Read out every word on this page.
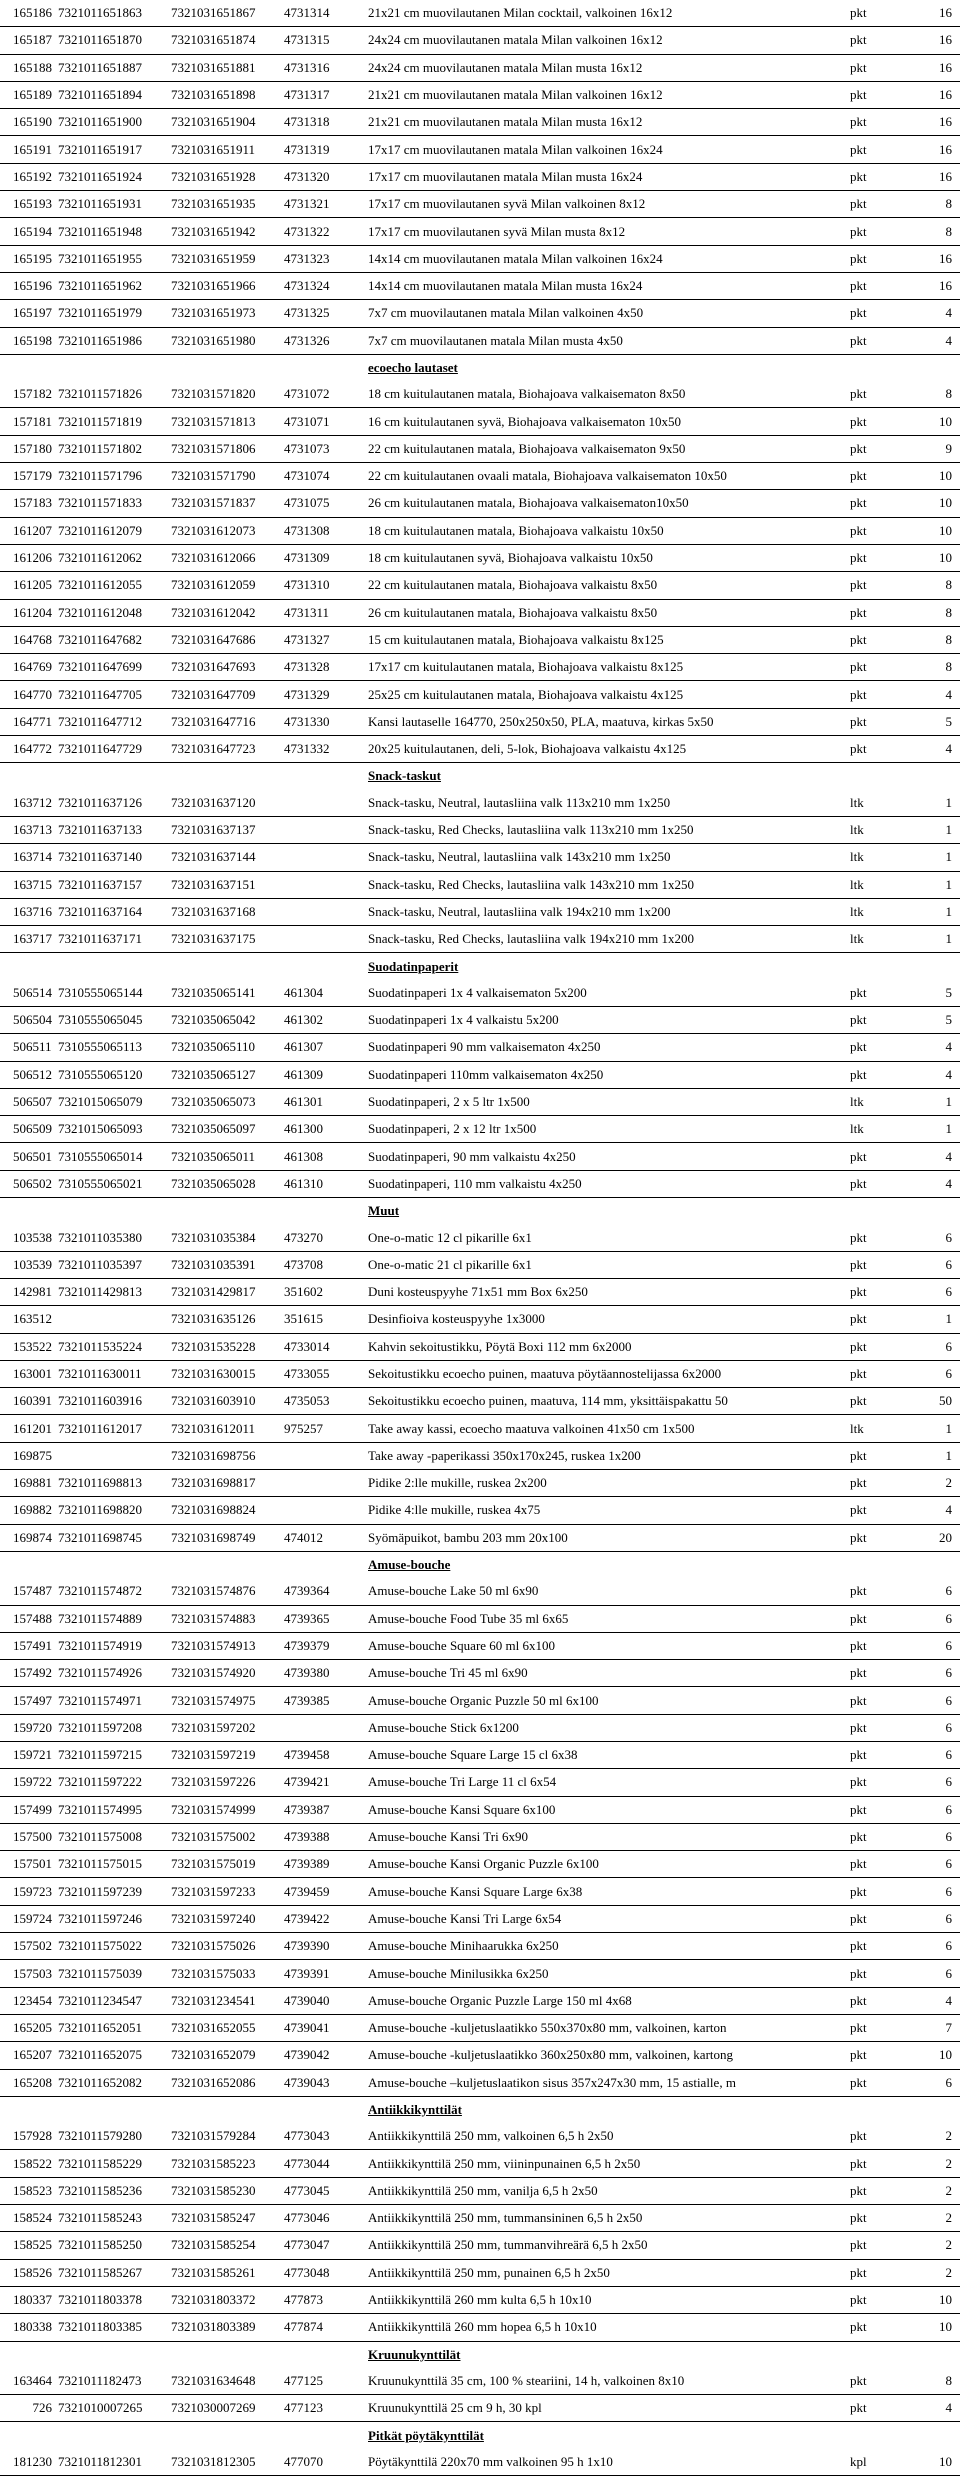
165186	7321011651863	7321031651867	4731314	21x21 cm muovilautanen Milan cocktail, valkoinen 16x12	pkt	16
165187	7321011651870	7321031651874	4731315	24x24 cm muovilautanen matala Milan valkoinen 16x12	pkt	16
165188	7321011651887	7321031651881	4731316	24x24 cm muovilautanen matala Milan musta 16x12	pkt	16
165189	7321011651894	7321031651898	4731317	21x21 cm muovilautanen matala Milan valkoinen 16x12	pkt	16
165190	7321011651900	7321031651904	4731318	21x21 cm muovilautanen matala Milan musta 16x12	pkt	16
165191	7321011651917	7321031651911	4731319	17x17 cm muovilautanen matala Milan valkoinen 16x24	pkt	16
165192	7321011651924	7321031651928	4731320	17x17 cm muovilautanen matala Milan musta 16x24	pkt	16
165193	7321011651931	7321031651935	4731321	17x17 cm muovilautanen syvä Milan valkoinen 8x12	pkt	8
165194	7321011651948	7321031651942	4731322	17x17 cm muovilautanen syvä Milan musta 8x12	pkt	8
165195	7321011651955	7321031651959	4731323	14x14 cm muovilautanen matala Milan valkoinen 16x24	pkt	16
165196	7321011651962	7321031651966	4731324	14x14 cm muovilautanen matala Milan musta 16x24	pkt	16
165197	7321011651979	7321031651973	4731325	7x7 cm muovilautanen matala Milan valkoinen 4x50	pkt	4
165198	7321011651986	7321031651980	4731326	7x7 cm muovilautanen matala Milan musta 4x50	pkt	4
				ecoecho lautaset		
157182	7321011571826	7321031571820	4731072	18 cm kuitulautanen matala, Biohajoava valkaisematon 8x50	pkt	8
157181	7321011571819	7321031571813	4731071	16 cm kuitulautanen syvä, Biohajoava valkaisematon 10x50	pkt	10
157180	7321011571802	7321031571806	4731073	22 cm kuitulautanen matala, Biohajoava valkaisematon 9x50	pkt	9
157179	7321011571796	7321031571790	4731074	22 cm kuitulautanen ovaali matala, Biohajoava valkaisematon 10x50	pkt	10
157183	7321011571833	7321031571837	4731075	26 cm kuitulautanen matala, Biohajoava valkaisematon10x50	pkt	10
161207	7321011612079	7321031612073	4731308	18 cm kuitulautanen matala, Biohajoava valkaistu 10x50	pkt	10
161206	7321011612062	7321031612066	4731309	18 cm kuitulautanen syvä, Biohajoava valkaistu 10x50	pkt	10
161205	7321011612055	7321031612059	4731310	22 cm kuitulautanen matala, Biohajoava valkaistu 8x50	pkt	8
161204	7321011612048	7321031612042	4731311	26 cm kuitulautanen matala, Biohajoava valkaistu 8x50	pkt	8
164768	7321011647682	7321031647686	4731327	15 cm kuitulautanen matala, Biohajoava valkaistu 8x125	pkt	8
164769	7321011647699	7321031647693	4731328	17x17 cm kuitulautanen matala, Biohajoava valkaistu 8x125	pkt	8
164770	7321011647705	7321031647709	4731329	25x25 cm kuitulautanen matala, Biohajoava valkaistu 4x125	pkt	4
164771	7321011647712	7321031647716	4731330	Kansi lautaselle 164770, 250x250x50, PLA, maatuva, kirkas 5x50	pkt	5
164772	7321011647729	7321031647723	4731332	20x25 kuitulautanen, deli, 5-lok, Biohajoava valkaistu 4x125	pkt	4
				Snack-taskut		
163712	7321011637126	7321031637120		Snack-tasku, Neutral, lautasliina valk 113x210 mm 1x250	ltk	1
163713	7321011637133	7321031637137		Snack-tasku, Red Checks, lautasliina valk 113x210 mm 1x250	ltk	1
163714	7321011637140	7321031637144		Snack-tasku, Neutral, lautasliina valk 143x210 mm 1x250	ltk	1
163715	7321011637157	7321031637151		Snack-tasku, Red Checks, lautasliina valk 143x210 mm 1x250	ltk	1
163716	7321011637164	7321031637168		Snack-tasku, Neutral, lautasliina valk 194x210 mm 1x200	ltk	1
163717	7321011637171	7321031637175		Snack-tasku, Red Checks, lautasliina valk 194x210 mm 1x200	ltk	1
				Suodatinpaperit		
506514	7310555065144	7321035065141	461304	Suodatinpaperi 1x 4 valkaisematon 5x200	pkt	5
506504	7310555065045	7321035065042	461302	Suodatinpaperi 1x 4 valkaistu 5x200	pkt	5
506511	7310555065113	7321035065110	461307	Suodatinpaperi 90 mm valkaisematon 4x250	pkt	4
506512	7310555065120	7321035065127	461309	Suodatinpaperi 110mm valkaisematon 4x250	pkt	4
506507	7321015065079	7321035065073	461301	Suodatinpaperi, 2 x 5 ltr 1x500	ltk	1
506509	7321015065093	7321035065097	461300	Suodatinpaperi, 2 x 12 ltr 1x500	ltk	1
506501	7310555065014	7321035065011	461308	Suodatinpaperi, 90 mm valkaistu 4x250	pkt	4
506502	7310555065021	7321035065028	461310	Suodatinpaperi, 110 mm valkaistu 4x250	pkt	4
				Muut		
103538	7321011035380	7321031035384	473270	One-o-matic 12 cl pikarille 6x1	pkt	6
103539	7321011035397	7321031035391	473708	One-o-matic 21 cl pikarille 6x1	pkt	6
142981	7321011429813	7321031429817	351602	Duni kosteuspyyhe 71x51 mm Box 6x250	pkt	6
163512		7321031635126	351615	Desinfioiva kosteuspyyhe 1x3000	pkt	1
153522	7321011535224	7321031535228	4733014	Kahvin sekoitustikku, Pöytä Boxi 112 mm 6x2000	pkt	6
163001	7321011630011	7321031630015	4733055	Sekoitustikku ecoecho puinen, maatuva pöytäannostelijassa 6x2000	pkt	6
160391	7321011603916	7321031603910	4735053	Sekoitustikku ecoecho puinen, maatuva, 114 mm, yksittäispakattu 50	pkt	50
161201	7321011612017	7321031612011	975257	Take away kassi, ecoecho maatuva valkoinen 41x50 cm 1x500	ltk	1
169875		7321031698756		Take away -paperikassi 350x170x245, ruskea 1x200	pkt	1
169881	7321011698813	7321031698817		Pidike 2:lle mukille, ruskea 2x200	pkt	2
169882	7321011698820	7321031698824		Pidike 4:lle mukille, ruskea 4x75	pkt	4
169874	7321011698745	7321031698749	474012	Syömäpuikot, bambu 203 mm 20x100	pkt	20
				Amuse-bouche		
157487	7321011574872	7321031574876	4739364	Amuse-bouche Lake 50 ml 6x90	pkt	6
157488	7321011574889	7321031574883	4739365	Amuse-bouche Food Tube 35 ml 6x65	pkt	6
157491	7321011574919	7321031574913	4739379	Amuse-bouche Square 60 ml 6x100	pkt	6
157492	7321011574926	7321031574920	4739380	Amuse-bouche Tri 45 ml 6x90	pkt	6
157497	7321011574971	7321031574975	4739385	Amuse-bouche Organic Puzzle 50 ml 6x100	pkt	6
159720	7321011597208	7321031597202		Amuse-bouche Stick 6x1200	pkt	6
159721	7321011597215	7321031597219	4739458	Amuse-bouche Square Large 15 cl 6x38	pkt	6
159722	7321011597222	7321031597226	4739421	Amuse-bouche Tri Large 11 cl 6x54	pkt	6
157499	7321011574995	7321031574999	4739387	Amuse-bouche Kansi Square 6x100	pkt	6
157500	7321011575008	7321031575002	4739388	Amuse-bouche Kansi Tri 6x90	pkt	6
157501	7321011575015	7321031575019	4739389	Amuse-bouche Kansi Organic Puzzle 6x100	pkt	6
159723	7321011597239	7321031597233	4739459	Amuse-bouche Kansi Square Large 6x38	pkt	6
159724	7321011597246	7321031597240	4739422	Amuse-bouche Kansi Tri Large 6x54	pkt	6
157502	7321011575022	7321031575026	4739390	Amuse-bouche Minihaarukka 6x250	pkt	6
157503	7321011575039	7321031575033	4739391	Amuse-bouche Minilusikka 6x250	pkt	6
123454	7321011234547	7321031234541	4739040	Amuse-bouche Organic Puzzle Large 150 ml 4x68	pkt	4
165205	7321011652051	7321031652055	4739041	Amuse-bouche -kuljetuslaatikko 550x370x80 mm, valkoinen, karton	pkt	7
165207	7321011652075	7321031652079	4739042	Amuse-bouche -kuljetuslaatikko 360x250x80 mm, valkoinen, kartong	pkt	10
165208	7321011652082	7321031652086	4739043	Amuse-bouche –kuljetuslaatikon sisus 357x247x30 mm, 15 astialle, m	pkt	6
				Antiikkikynttilät		
157928	7321011579280	7321031579284	4773043	Antiikkikynttilä 250 mm, valkoinen 6,5 h 2x50	pkt	2
158522	7321011585229	7321031585223	4773044	Antiikkikynttilä 250 mm, viininpunainen 6,5 h 2x50	pkt	2
158523	7321011585236	7321031585230	4773045	Antiikkikynttilä 250 mm, vanilja 6,5 h 2x50	pkt	2
158524	7321011585243	7321031585247	4773046	Antiikkikynttilä 250 mm, tummansininen 6,5 h 2x50	pkt	2
158525	7321011585250	7321031585254	4773047	Antiikkikynttilä 250 mm, tummanvihreärä 6,5 h 2x50	pkt	2
158526	7321011585267	7321031585261	4773048	Antiikkikynttilä 250 mm, punainen 6,5 h 2x50	pkt	2
180337	7321011803378	7321031803372	477873	Antiikkikynttilä 260 mm kulta 6,5 h 10x10	pkt	10
180338	7321011803385	7321031803389	477874	Antiikkikynttilä 260 mm hopea 6,5 h 10x10	pkt	10
				Kruunukynttilät		
163464	7321011182473	7321031634648	477125	Kruunukynttilä 35 cm, 100 % steariini, 14 h, valkoinen 8x10	pkt	8
726	7321010007265	7321030007269	477123	Kruunukynttilä 25 cm 9 h, 30 kpl	pkt	4
				Pitkät pöytäkynttilät		
181230	7321011812301	7321031812305	477070	Pöytäkynttilä 220x70 mm valkoinen 95 h 1x10	kpl	10
